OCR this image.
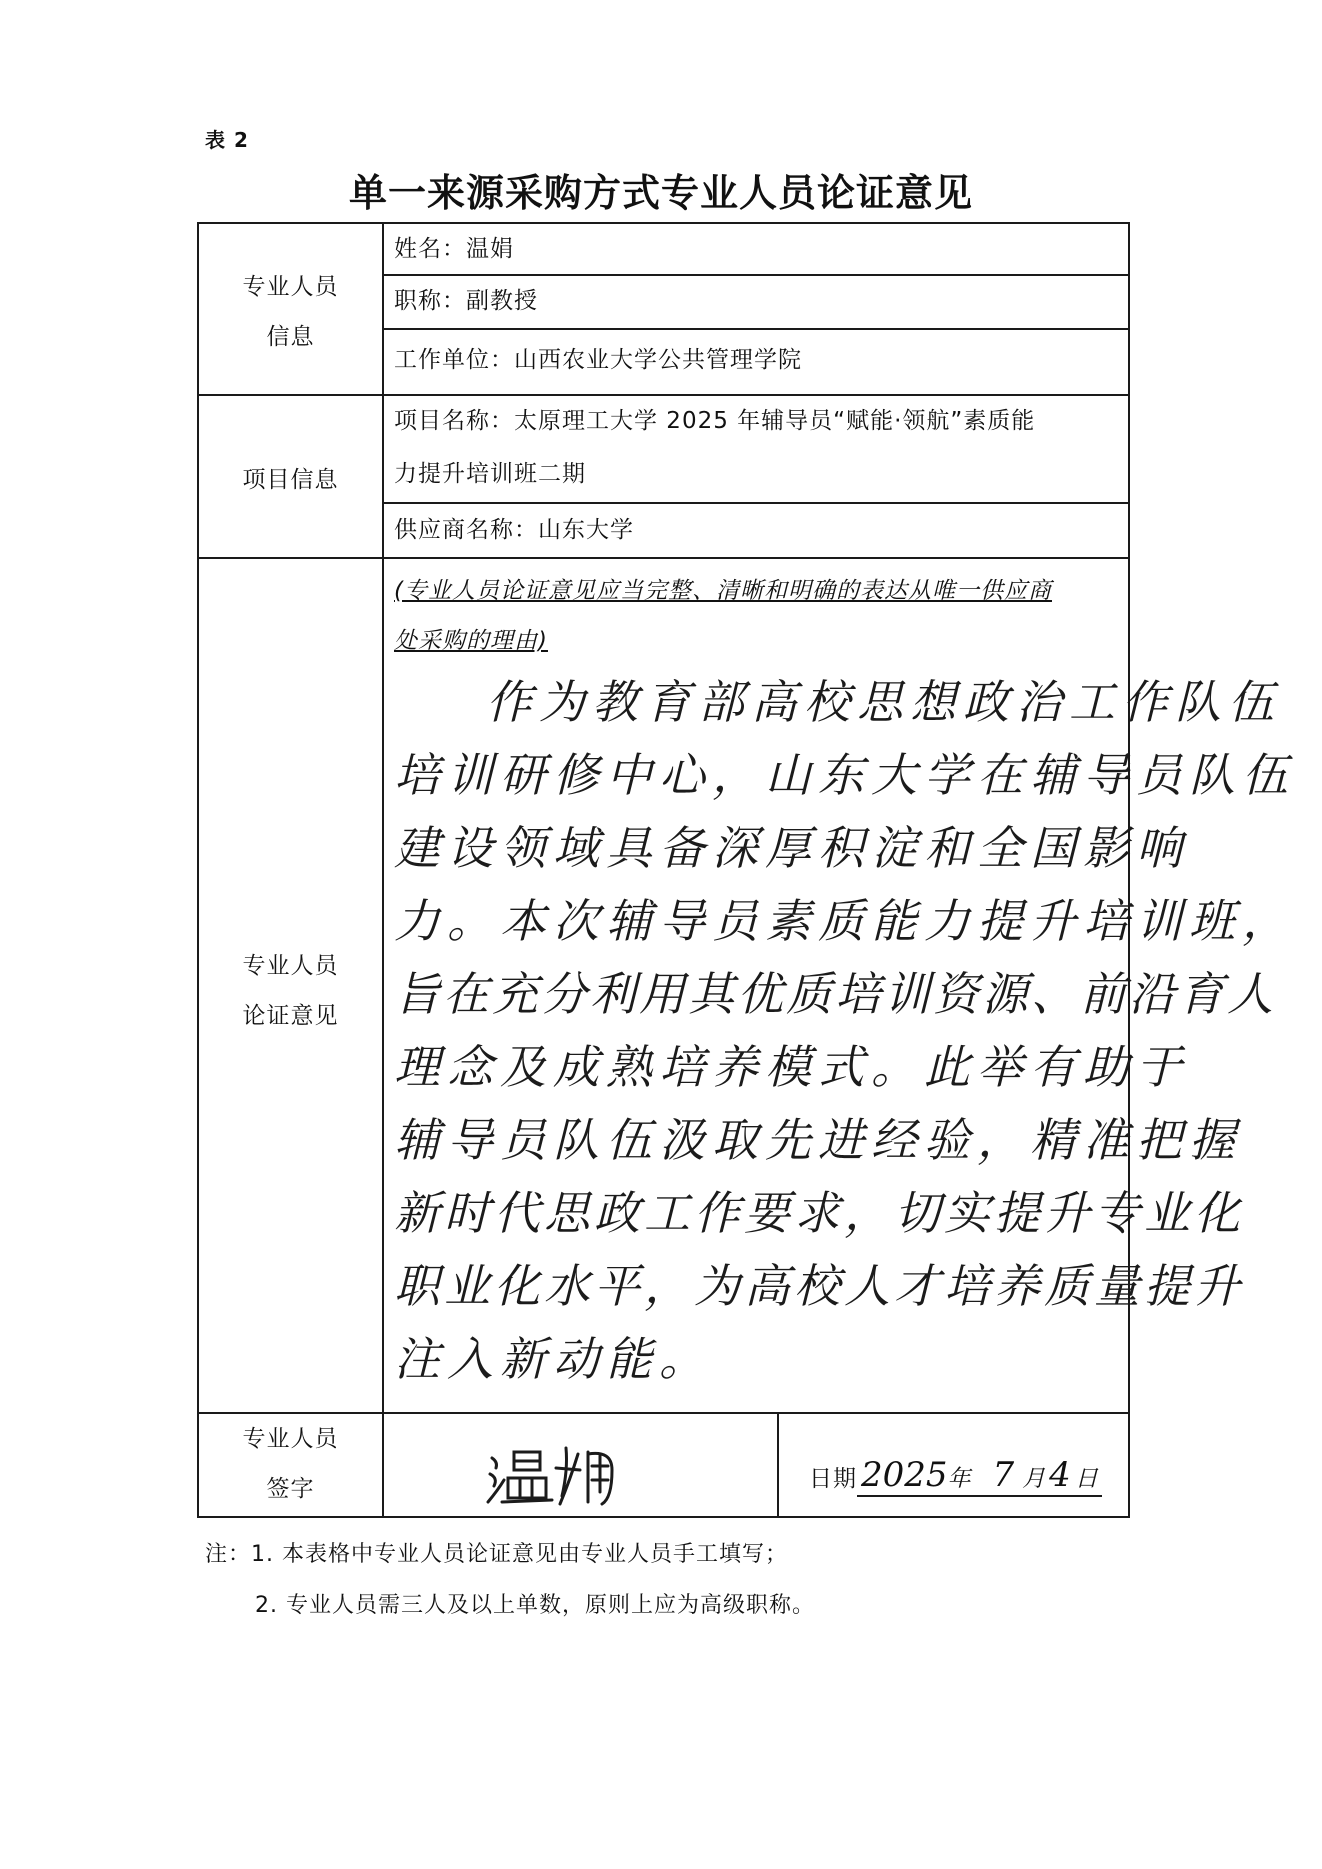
表 2
单一来源采购方式专业人员论证意见
专业人员
信息
姓名：温娟
职称：副教授
工作单位：山西农业大学公共管理学院
项目信息
项目名称：太原理工大学 2025 年辅导员“赋能·领航”素质能
力提升培训班二期
供应商名称：山东大学
专业人员
论证意见
(专业人员论证意见应当完整、清晰和明确的表达从唯一供应商
处采购的理由)
作为教育部高校思想政治工作队伍
培训研修中心，山东大学在辅导员队伍
建设领域具备深厚积淀和全国影响
力。本次辅导员素质能力提升培训班，
旨在充分利用其优质培训资源、前沿育人
理念及成熟培养模式。此举有助于
辅导员队伍汲取先进经验，精准把握
新时代思政工作要求，切实提升专业化
职业化水平，为高校人才培养质量提升
注入新动能。
专业人员
签字	日期 2025年 7 月 4 日
注：1. 本表格中专业人员论证意见由专业人员手工填写；
2. 专业人员需三人及以上单数，原则上应为高级职称。
